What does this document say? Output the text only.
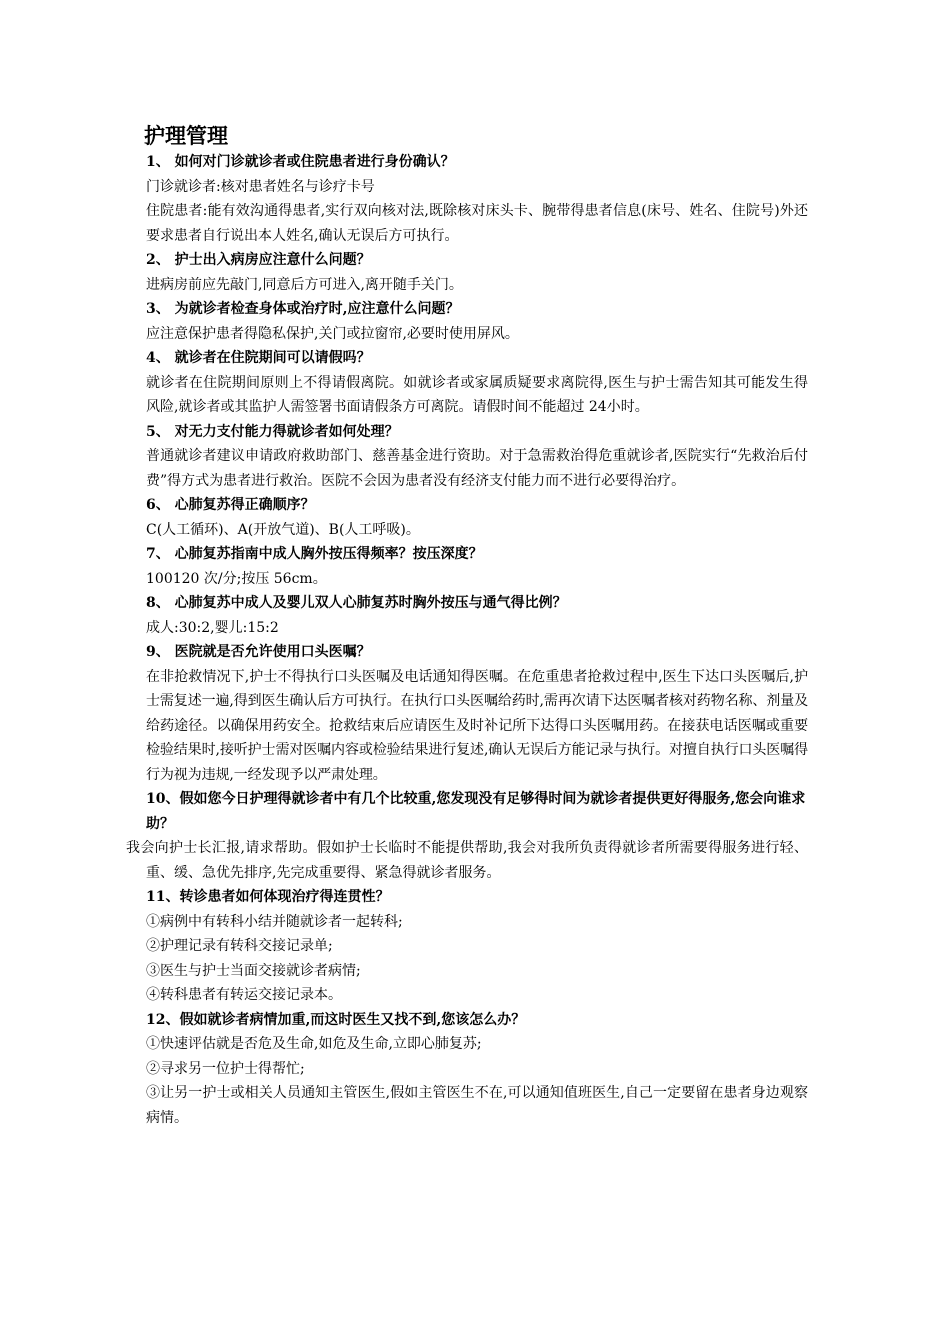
护理管理
1、 如何对门诊就诊者或住院患者进行身份确认？
门诊就诊者:核对患者姓名与诊疗卡号
住院患者:能有效沟通得患者,实行双向核对法,既除核对床头卡、腕带得患者信息(床号、姓名、住院号)外还要求患者自行说出本人姓名,确认无误后方可执行。
2、 护士出入病房应注意什么问题？
进病房前应先敲门,同意后方可进入,离开随手关门。
3、 为就诊者检查身体或治疗时,应注意什么问题？
应注意保护患者得隐私保护,关门或拉窗帘,必要时使用屏风。
4、 就诊者在住院期间可以请假吗？
就诊者在住院期间原则上不得请假离院。如就诊者或家属质疑要求离院得,医生与护士需告知其可能发生得风险,就诊者或其监护人需签署书面请假条方可离院。请假时间不能超过 24小时。
5、 对无力支付能力得就诊者如何处理？
普通就诊者建议申请政府救助部门、慈善基金进行资助。对于急需救治得危重就诊者,医院实行“先救治后付费”得方式为患者进行救治。医院不会因为患者没有经济支付能力而不进行必要得治疗。
6、 心肺复苏得正确顺序？
C(人工循环)、A(开放气道)、B(人工呼吸)。
7、 心肺复苏指南中成人胸外按压得频率？按压深度？
100120 次/分;按压 56cm。
8、 心肺复苏中成人及婴儿双人心肺复苏时胸外按压与通气得比例？
成人:30:2,婴儿:15:2
9、 医院就是否允许使用口头医嘱？
在非抢救情况下,护士不得执行口头医嘱及电话通知得医嘱。在危重患者抢救过程中,医生下达口头医嘱后,护士需复述一遍,得到医生确认后方可执行。在执行口头医嘱给药时,需再次请下达医嘱者核对药物名称、剂量及给药途径。以确保用药安全。抢救结束后应请医生及时补记所下达得口头医嘱用药。在接获电话医嘱或重要检验结果时,接听护士需对医嘱内容或检验结果进行复述,确认无误后方能记录与执行。对擅自执行口头医嘱得行为视为违规,一经发现予以严肃处理。
10、假如您今日护理得就诊者中有几个比较重,您发现没有足够得时间为就诊者提供更好得服务,您会向谁求助？
我会向护士长汇报,请求帮助。假如护士长临时不能提供帮助,我会对我所负责得就诊者所需要得服务进行轻、重、缓、急优先排序,先完成重要得、紧急得就诊者服务。
11、转诊患者如何体现治疗得连贯性？
①病例中有转科小结并随就诊者一起转科;
②护理记录有转科交接记录单;
③医生与护士当面交接就诊者病情;
④转科患者有转运交接记录本。
12、假如就诊者病情加重,而这时医生又找不到,您该怎么办？
①快速评估就是否危及生命,如危及生命,立即心肺复苏;
②寻求另一位护士得帮忙;
③让另一护士或相关人员通知主管医生,假如主管医生不在,可以通知值班医生,自己一定要留在患者身边观察病情。
